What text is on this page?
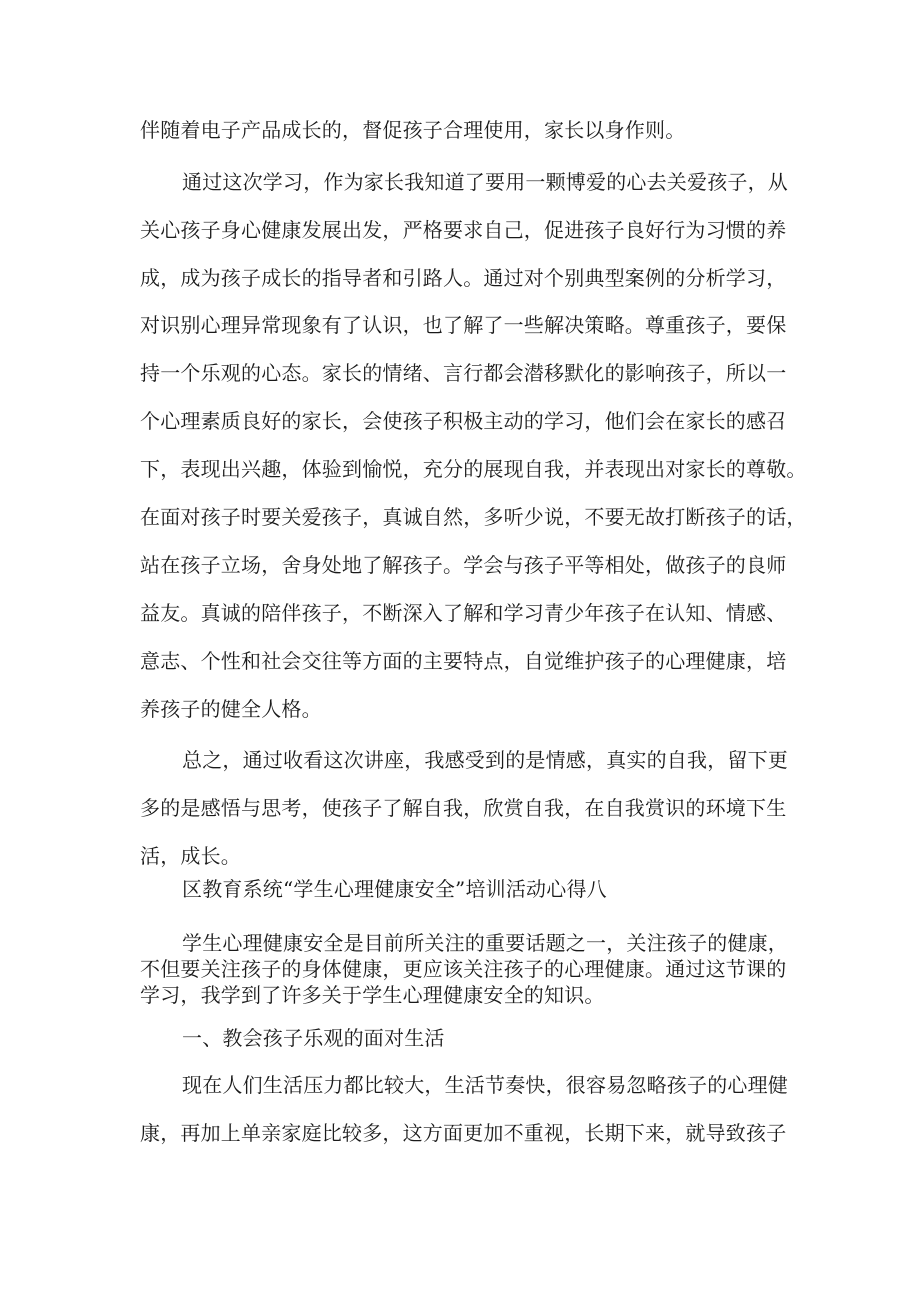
伴随着电子产品成长的，督促孩子合理使用，家长以身作则。
通过这次学习，作为家长我知道了要用一颗博爱的心去关爱孩子，从
关心孩子身心健康发展出发，严格要求自己，促进孩子良好行为习惯的养
成，成为孩子成长的指导者和引路人。通过对个别典型案例的分析学习，
对识别心理异常现象有了认识，也了解了一些解决策略。尊重孩子，要保
持一个乐观的心态。家长的情绪、言行都会潜移默化的影响孩子，所以一
个心理素质良好的家长，会使孩子积极主动的学习，他们会在家长的感召
下，表现出兴趣，体验到愉悦，充分的展现自我，并表现出对家长的尊敬。
在面对孩子时要关爱孩子，真诚自然，多听少说，不要无故打断孩子的话，
站在孩子立场，舍身处地了解孩子。学会与孩子平等相处，做孩子的良师
益友。真诚的陪伴孩子，不断深入了解和学习青少年孩子在认知、情感、
意志、个性和社会交往等方面的主要特点，自觉维护孩子的心理健康，培
养孩子的健全人格。
总之，通过收看这次讲座，我感受到的是情感，真实的自我，留下更
多的是感悟与思考，使孩子了解自我，欣赏自我，在自我赏识的环境下生
活，成长。
区教育系统“学生心理健康安全”培训活动心得八
学生心理健康安全是目前所关注的重要话题之一，关注孩子的健康，
不但要关注孩子的身体健康，更应该关注孩子的心理健康。通过这节课的
学习，我学到了许多关于学生心理健康安全的知识。
一、教会孩子乐观的面对生活
现在人们生活压力都比较大，生活节奏快，很容易忽略孩子的心理健
康，再加上单亲家庭比较多，这方面更加不重视，长期下来，就导致孩子
